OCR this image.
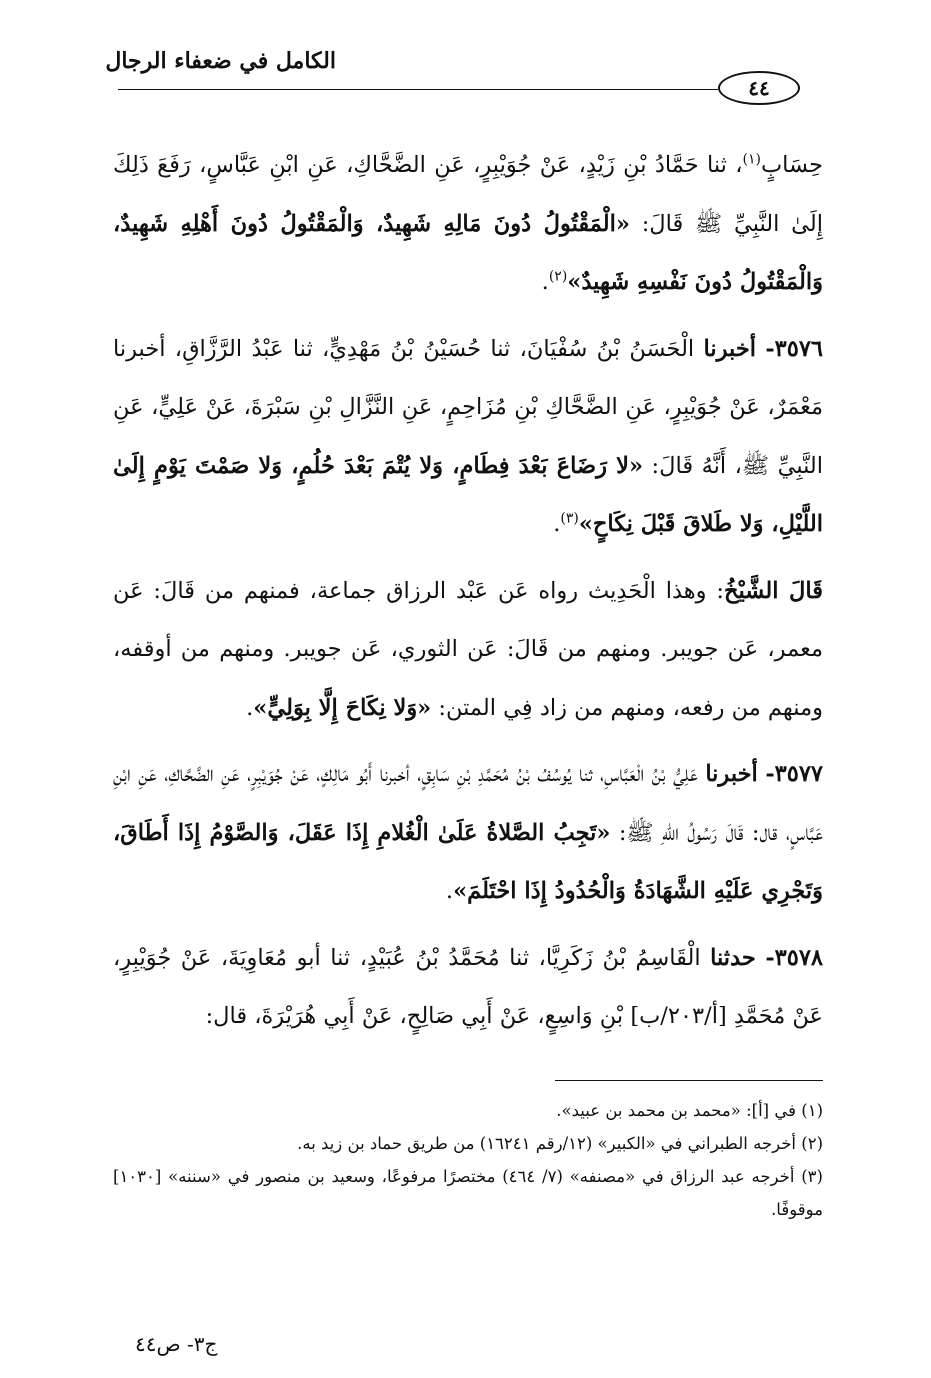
الكامل في ضعفاء الرجال
٤٤

حِسَابٍ$^{(١)}$، ثنا حَمَّادُ بْنِ زَيْدٍ، عَنْ جُوَيْبِرٍ، عَنِ الضَّحَّاكِ، عَنِ ابْنِ عَبَّاسٍ، رَفَعَ ذَلِكَ إِلَىٰ النَّبِيِّ ﷺ قَالَ: «الْمَقْتُولُ دُونَ مَالِهِ شَهِيدٌ، وَالْمَقْتُولُ دُونَ أَهْلِهِ شَهِيدٌ، وَالْمَقْتُولُ دُونَ نَفْسِهِ شَهِيدٌ»$^{(٢)}$.

٣٥٧٦- أخبرنا الْحَسَنُ بْنُ سُفْيَانَ، ثنا حُسَيْنُ بْنُ مَهْدِيٍّ، ثنا عَبْدُ الرَّزَّاقِ، أخبرنا مَعْمَرٌ، عَنْ جُوَيْبِرٍ، عَنِ الضَّحَّاكِ بْنِ مُزَاحِمٍ، عَنِ النَّزَّالِ بْنِ سَبْرَةَ، عَنْ عَلِيٍّ، عَنِ النَّبِيِّ ﷺ، أَنَّهُ قَالَ: «لا رَضَاعَ بَعْدَ فِطَامٍ، وَلا يُتْمَ بَعْدَ حُلُمٍ، وَلا صَمْتَ يَوْمٍ إِلَىٰ اللَّيْلِ، وَلا طَلاقَ قَبْلَ نِكَاحٍ»$^{(٣)}$.

قَالَ الشَّيْخُ: وهذا الْحَدِيث رواه عَن عَبْد الرزاق جماعة، فمنهم من قَالَ: عَن معمر، عَن جويبر. ومنهم من قَالَ: عَن الثوري، عَن جويبر. ومنهم من أوقفه، ومنهم من رفعه، ومنهم من زاد فِي المتن: «وَلا نِكَاحَ إِلَّا بِوَلِيٍّ».

٣٥٧٧- أخبرنا عَلِيُّ بْنُ الْعَبَّاسِ، ثنا يُوسُفُ بْنُ مُحَمَّدِ بْنِ سَابِقٍ، أخبرنا أَبُو مَالِكٍ، عَنْ جُوَيْبِرٍ، عَنِ الضَّحَّاكِ، عَنِ ابْنِ عَبَّاسٍ، قال: قَالَ رَسُولُ اللهِ ﷺ: «تَجِبُ الصَّلاةُ عَلَىٰ الْغُلامِ إِذَا عَقَلَ، وَالصَّوْمُ إِذَا أَطَاقَ، وَتَجْرِي عَلَيْهِ الشَّهَادَةُ وَالْحُدُودُ إِذَا احْتَلَمَ».

٣٥٧٨- حدثنا الْقَاسِمُ بْنُ زَكَرِيَّا، ثنا مُحَمَّدُ بْنُ عُبَيْدٍ، ثنا أبو مُعَاوِيَةَ، عَنْ جُوَيْبِرٍ، عَنْ مُحَمَّدِ [أ/٢٠٣/ب] بْنِ وَاسِعٍ، عَنْ أَبِي صَالِحٍ، عَنْ أَبِي هُرَيْرَةَ، قال:

(١) في [أ]: «محمد بن محمد بن عبيد».

(٢) أخرجه الطبراني في «الكبير» (١٢/رقم ١٦٢٤١) من طريق حماد بن زيد به.

(٣) أخرجه عبد الرزاق في «مصنفه» (٧/ ٤٦٤) مختصرًا مرفوعًا، وسعيد بن منصور في «سننه» [١٠٣٠] موقوفًا.

ج٣- ص٤٤
